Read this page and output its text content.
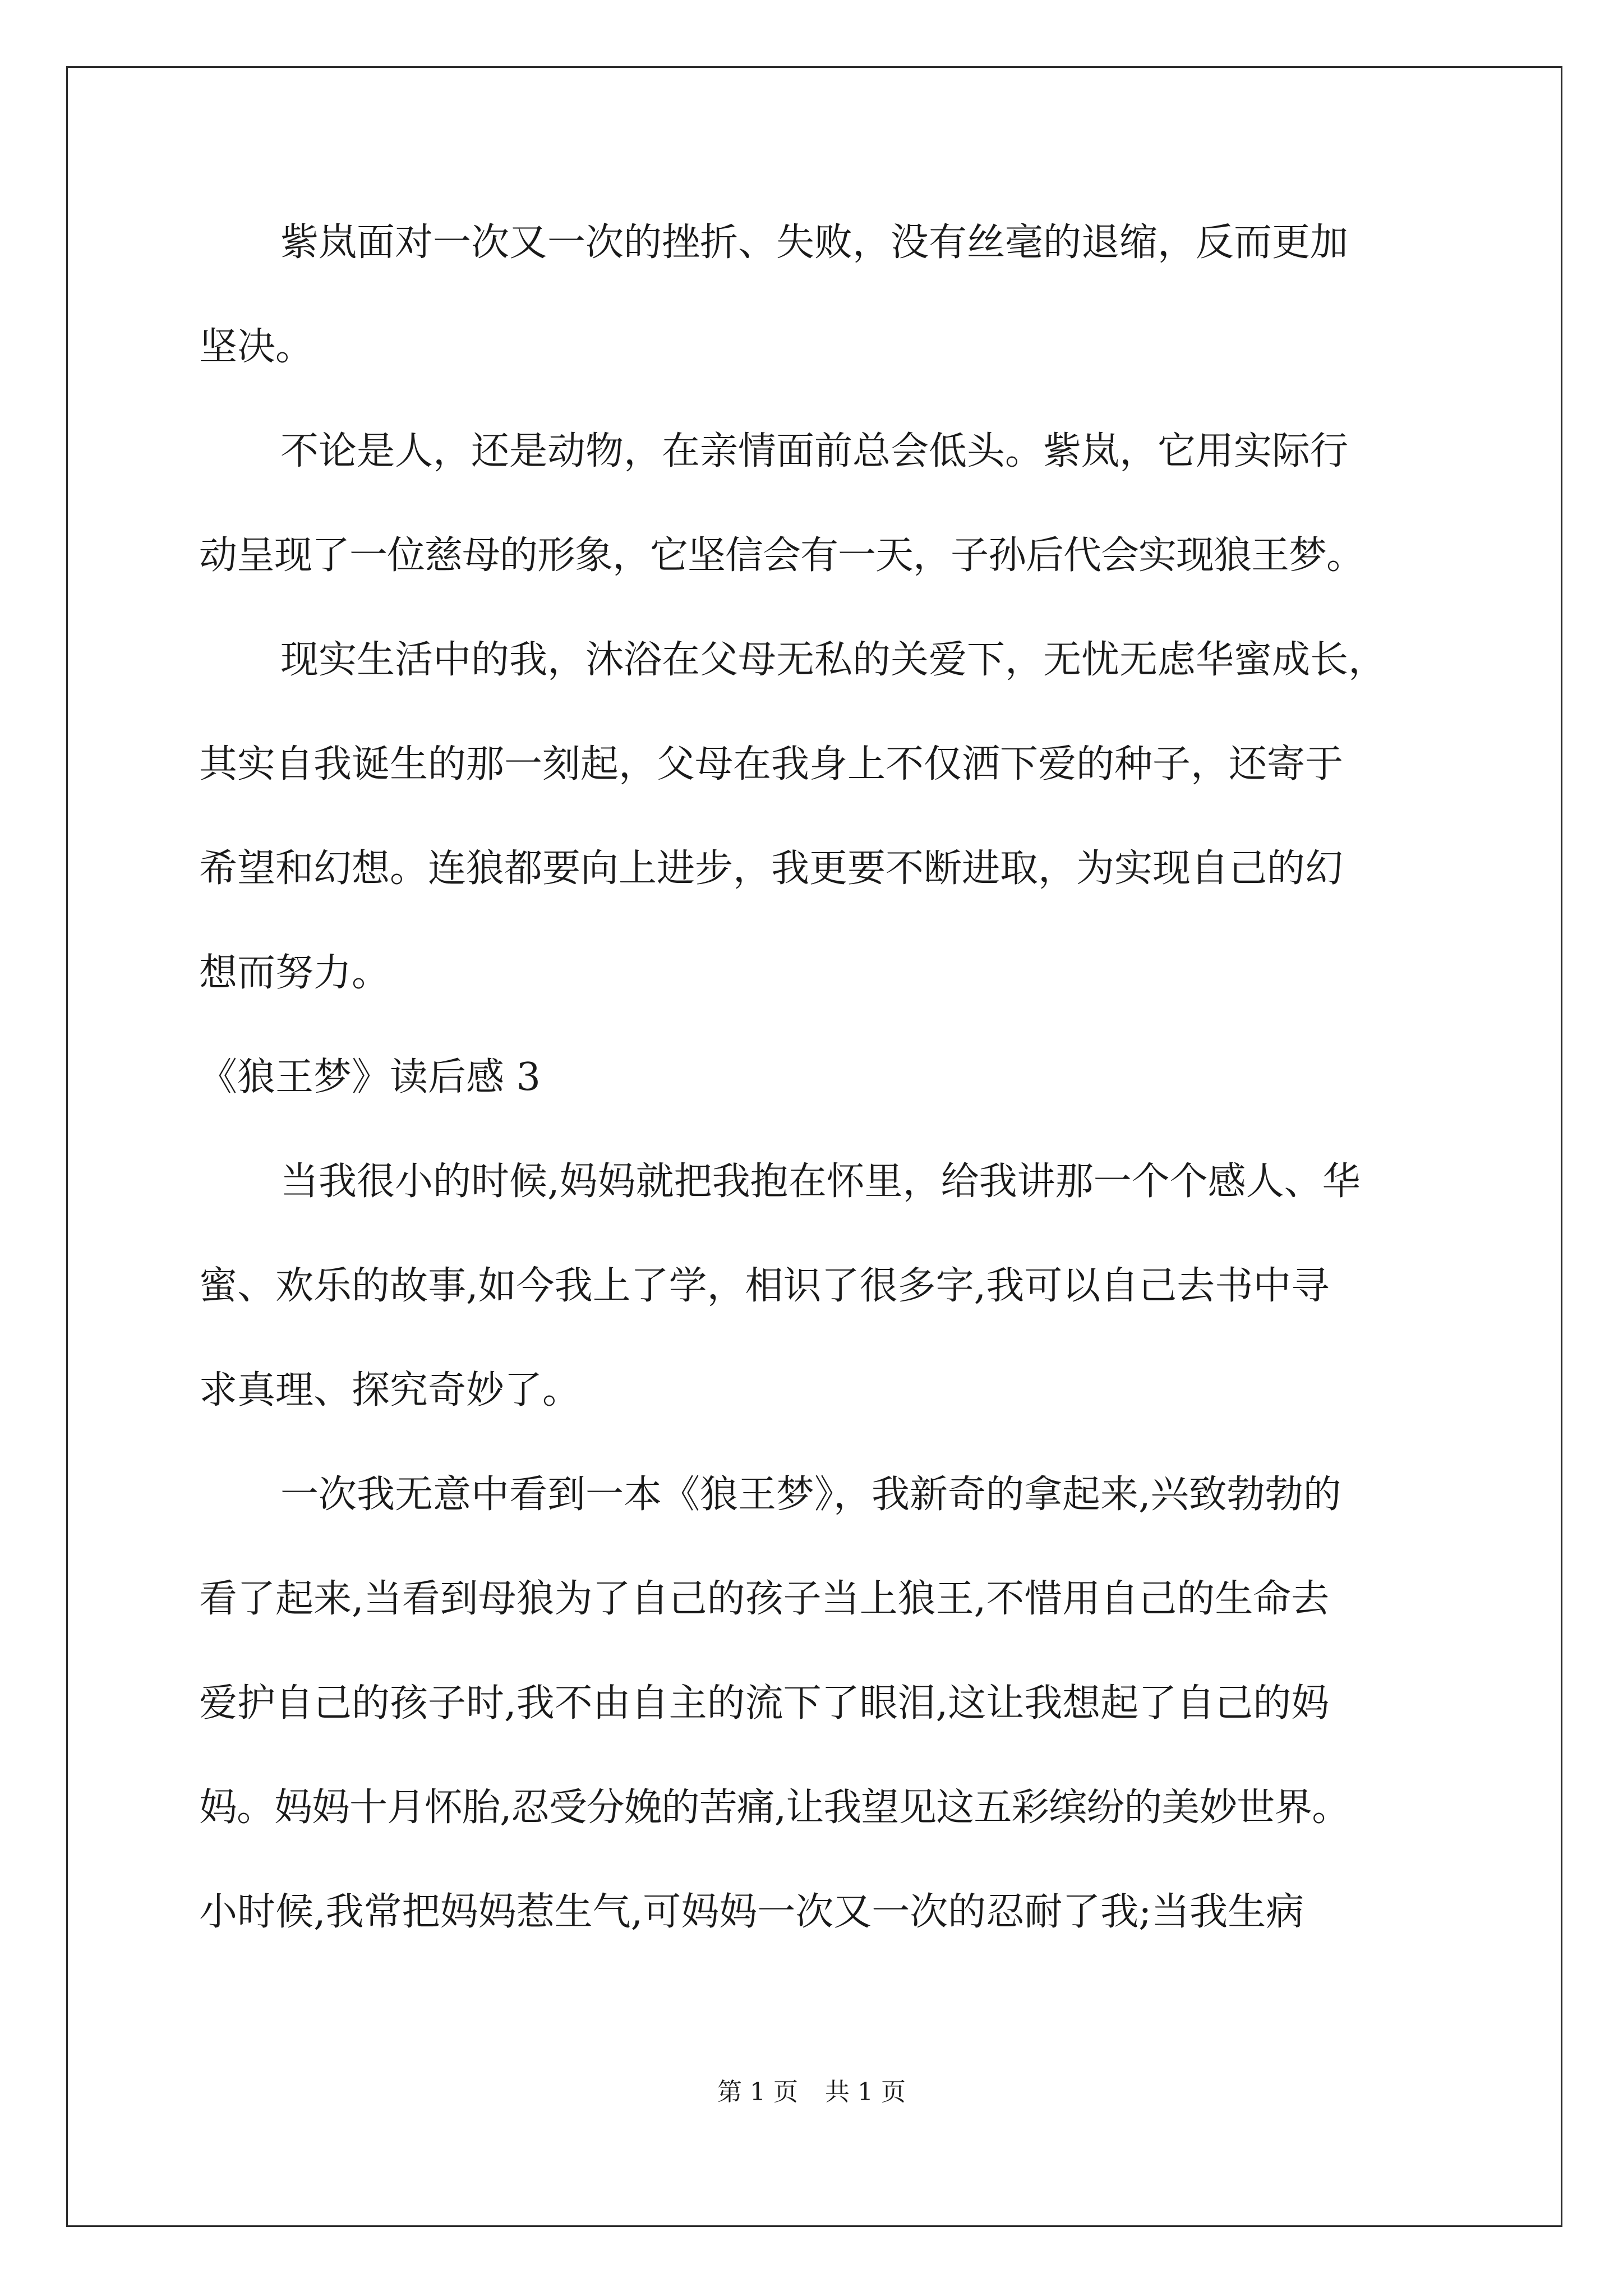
紫岚面对一次又一次的挫折、失败，没有丝毫的退缩，反而更加
坚决。
不论是人，还是动物，在亲情面前总会低头。紫岚，它用实际行
动呈现了一位慈母的形象，它坚信会有一天，子孙后代会实现狼王梦。
现实生活中的我，沐浴在父母无私的关爱下，无忧无虑华蜜成长，
其实自我诞生的那一刻起，父母在我身上不仅洒下爱的种子，还寄于
希望和幻想。连狼都要向上进步，我更要不断进取，为实现自己的幻
想而努力。
《狼王梦》读后感 3
当我很小的时候,妈妈就把我抱在怀里，给我讲那一个个感人、华
蜜、欢乐的故事,如今我上了学，相识了很多字,我可以自己去书中寻
求真理、探究奇妙了。
一次我无意中看到一本《狼王梦》，我新奇的拿起来,兴致勃勃的
看了起来,当看到母狼为了自己的孩子当上狼王,不惜用自己的生命去
爱护自己的孩子时,我不由自主的流下了眼泪,这让我想起了自己的妈
妈。妈妈十月怀胎,忍受分娩的苦痛,让我望见这五彩缤纷的美妙世界。
小时候,我常把妈妈惹生气,可妈妈一次又一次的忍耐了我;当我生病
第 1 页 共 1 页
